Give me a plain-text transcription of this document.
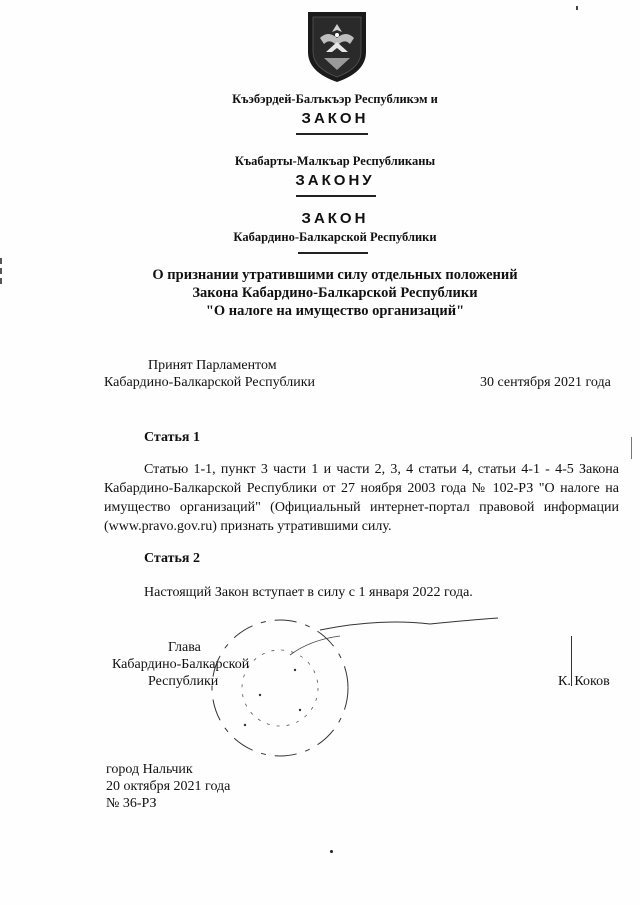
Къэбэрдей-Балъкъэр Республикэм и
ЗАКОН
Къабарты-Малкъар Республиканы
ЗАКОНУ
ЗАКОН
Кабардино-Балкарской Республики
О признании утратившими силу отдельных положений
Закона Кабардино-Балкарской Республики
"О налоге на имущество организаций"
Принят Парламентом
Кабардино-Балкарской Республики	30 сентября 2021 года
Статья 1
Статью 1-1, пункт 3 части 1 и части 2, 3, 4 статьи 4, статьи 4-1 - 4-5 Закона Кабардино-Балкарской Республики от 27 ноября 2003 года № 102-РЗ "О налоге на имущество организаций" (Официальный интернет-портал правовой информации (www.pravo.gov.ru) признать утратившими силу.
Статья 2
Настоящий Закон вступает в силу с 1 января 2022 года.
Глава
Кабардино-Балкарской
Республики	К. Коков
город Нальчик
20 октября 2021 года
№ 36-РЗ
